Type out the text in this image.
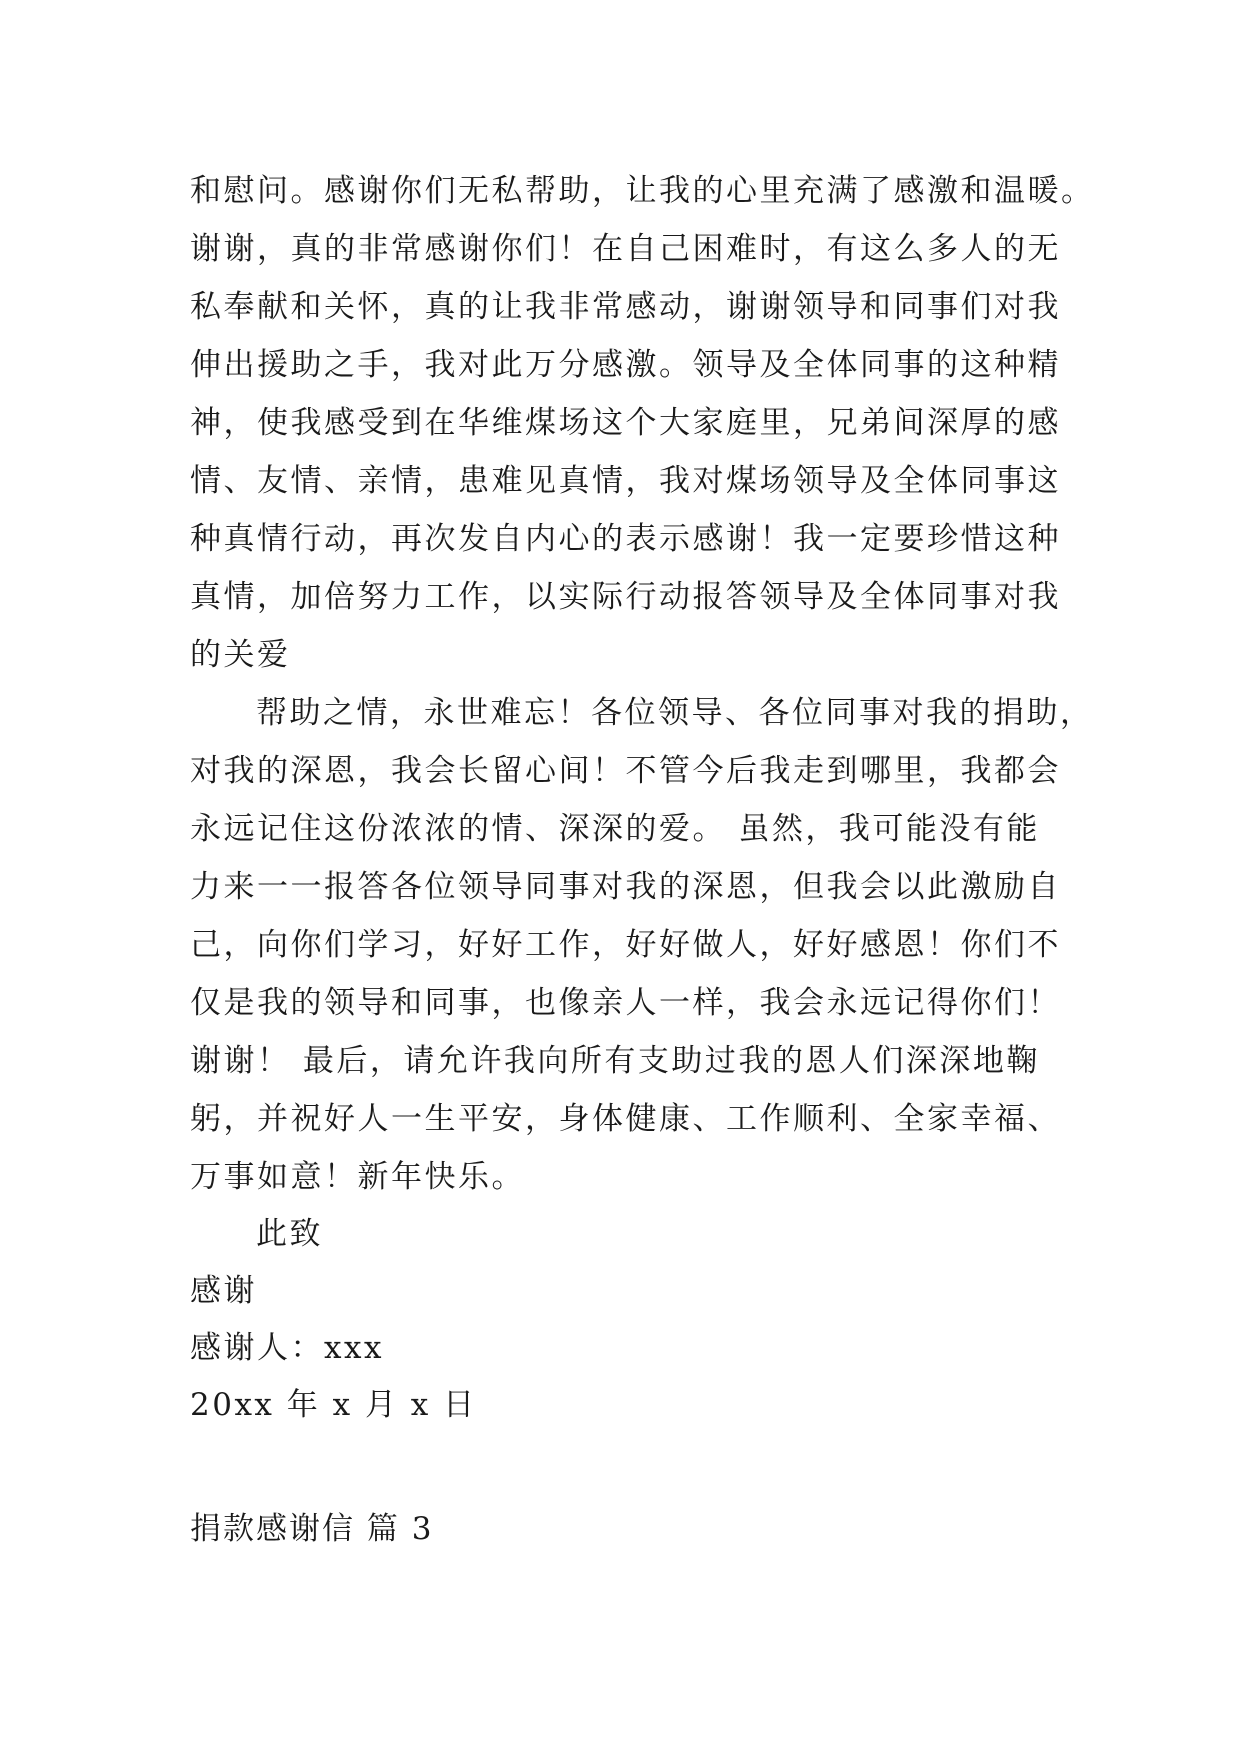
和慰问。感谢你们无私帮助，让我的心里充满了感激和温暖。
谢谢，真的非常感谢你们！在自己困难时，有这么多人的无
私奉献和关怀，真的让我非常感动，谢谢领导和同事们对我
伸出援助之手，我对此万分感激。领导及全体同事的这种精
神，使我感受到在华维煤场这个大家庭里，兄弟间深厚的感
情、友情、亲情，患难见真情，我对煤场领导及全体同事这
种真情行动，再次发自内心的表示感谢！我一定要珍惜这种
真情，加倍努力工作，以实际行动报答领导及全体同事对我
的关爱
帮助之情，永世难忘！各位领导、各位同事对我的捐助，
对我的深恩，我会长留心间！不管今后我走到哪里，我都会
永远记住这份浓浓的情、深深的爱。 虽然，我可能没有能
力来一一报答各位领导同事对我的深恩，但我会以此激励自
己，向你们学习，好好工作，好好做人，好好感恩！你们不
仅是我的领导和同事，也像亲人一样，我会永远记得你们！
谢谢！ 最后，请允许我向所有支助过我的恩人们深深地鞠
躬，并祝好人一生平安，身体健康、工作顺利、全家幸福、
万事如意！新年快乐。
此致
感谢
感谢人：xxx
20xx 年 x 月 x 日
捐款感谢信 篇 3
